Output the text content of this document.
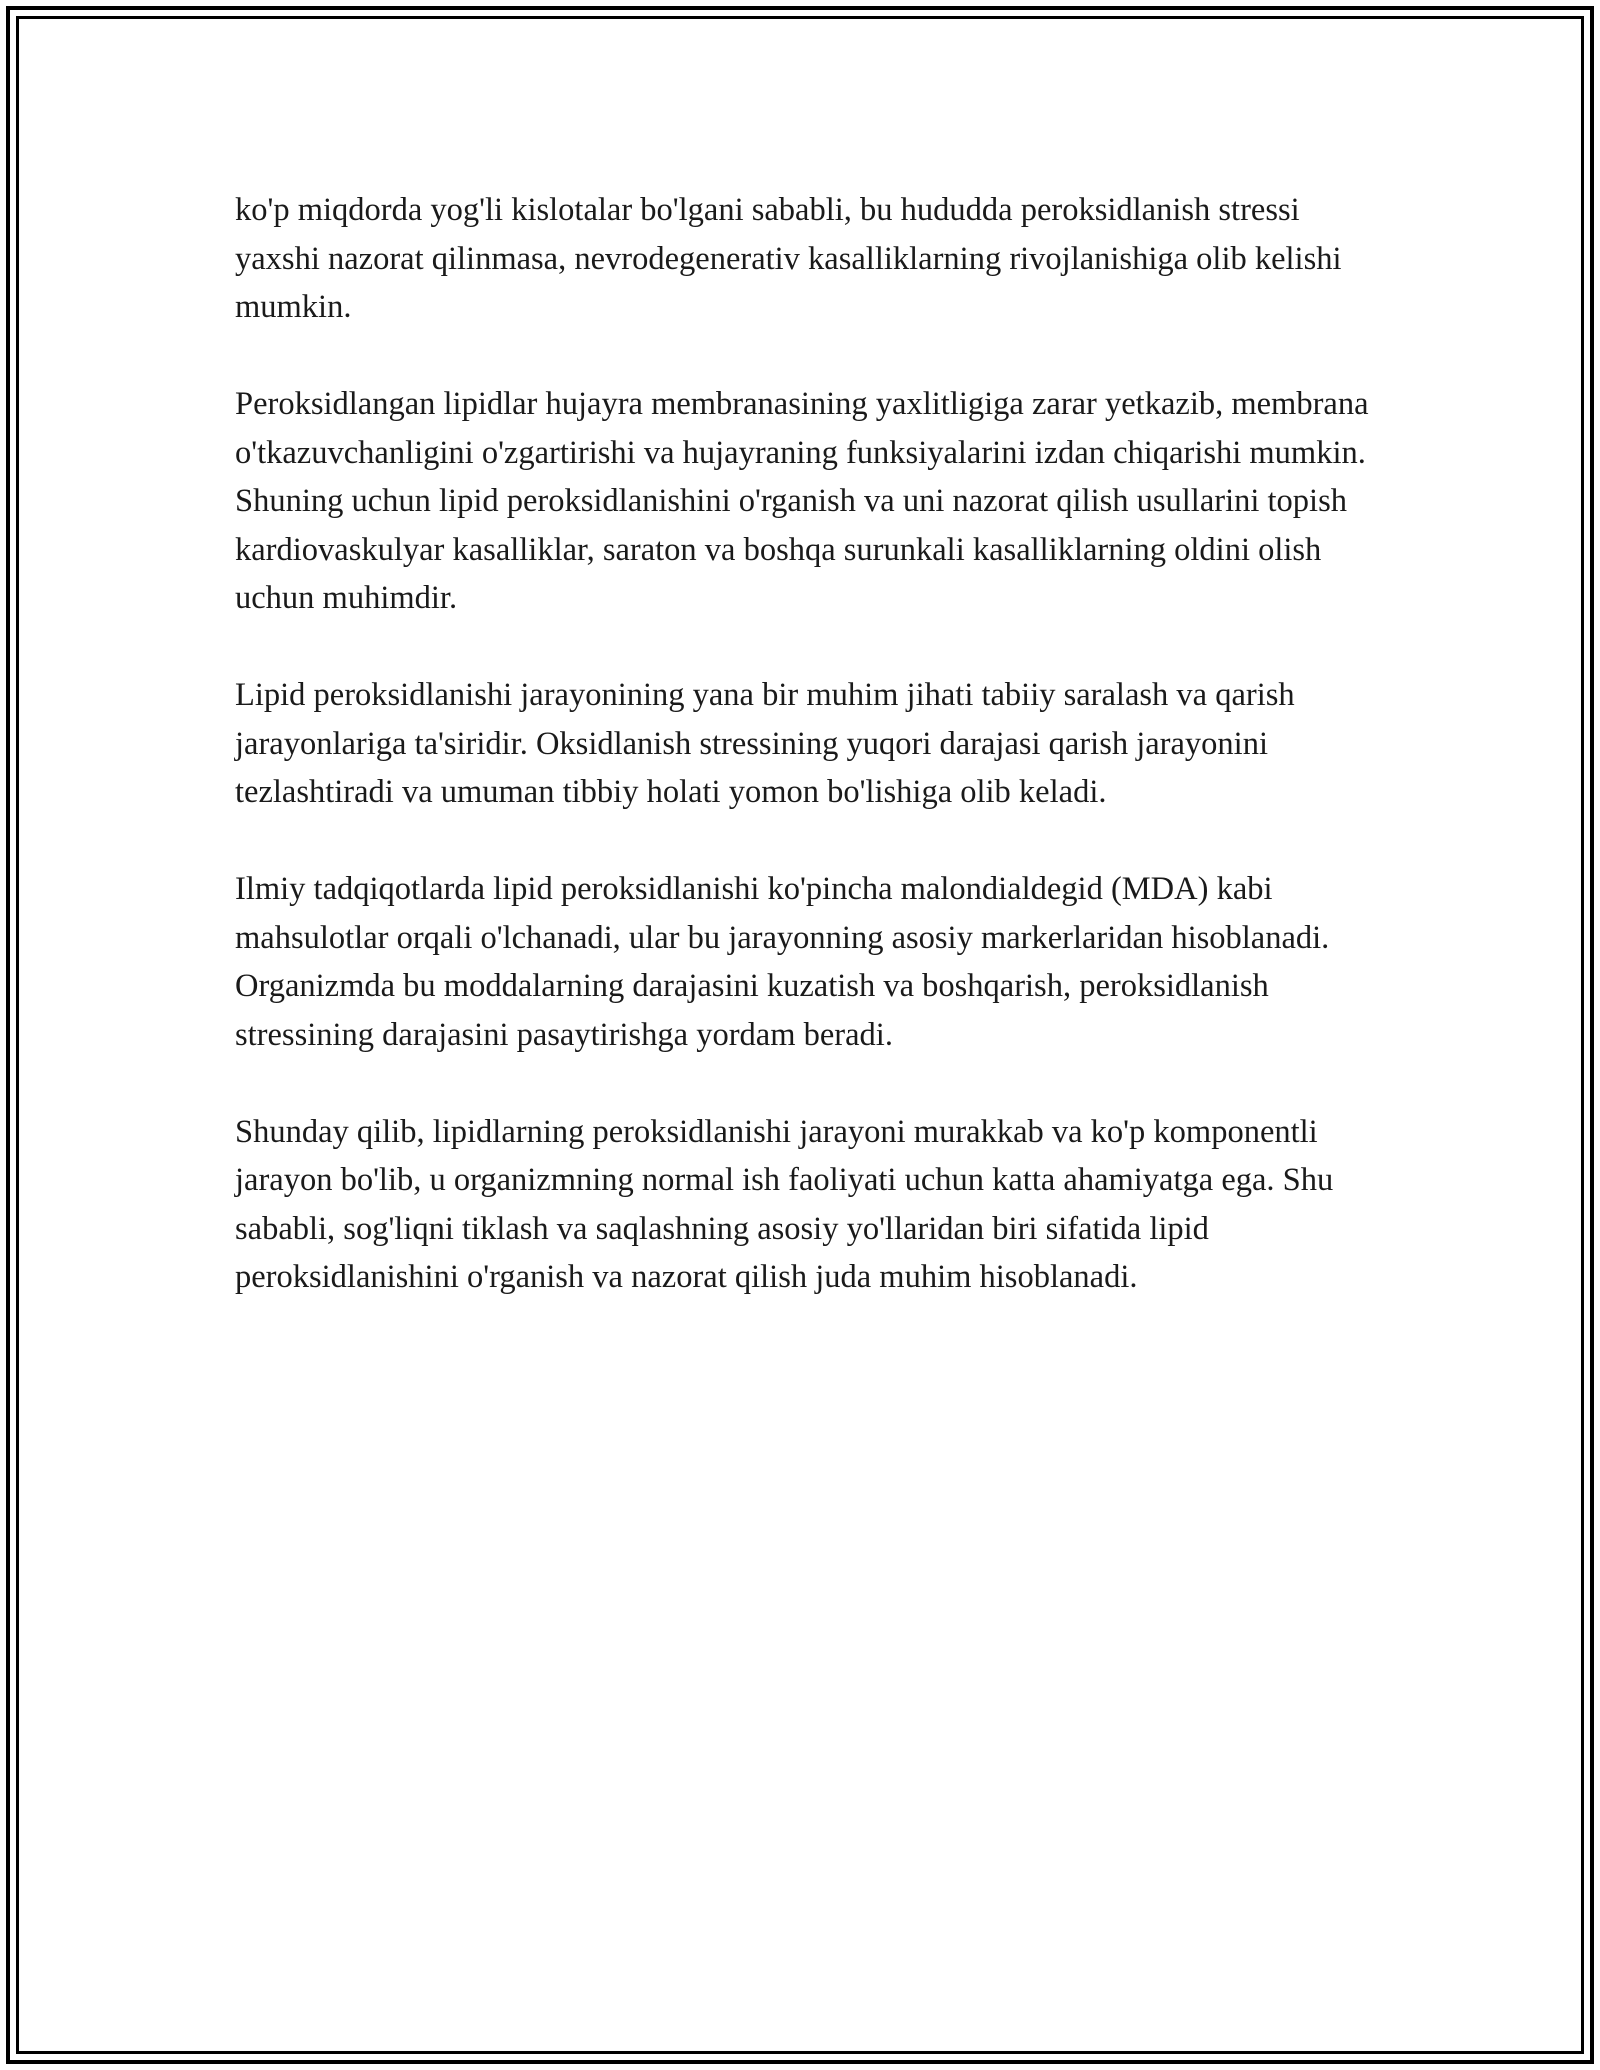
ko'p miqdorda yog'li kislotalar bo'lgani sababli, bu hududda peroksidlanish stressi yaxshi nazorat qilinmasa, nevrodegenerativ kasalliklarning rivojlanishiga olib kelishi mumkin.

Peroksidlangan lipidlar hujayra membranasining yaxlitligiga zarar yetkazib, membrana o'tkazuvchanligini o'zgartirishi va hujayraning funksiyalarini izdan chiqarishi mumkin. Shuning uchun lipid peroksidlanishini o'rganish va uni nazorat qilish usullarini topish kardiovaskulyar kasalliklar, saraton va boshqa surunkali kasalliklarning oldini olish uchun muhimdir.

Lipid peroksidlanishi jarayonining yana bir muhim jihati tabiiy saralash va qarish jarayonlariga ta'siridir. Oksidlanish stressining yuqori darajasi qarish jarayonini tezlashtiradi va umuman tibbiy holati yomon bo'lishiga olib keladi.

Ilmiy tadqiqotlarda lipid peroksidlanishi ko'pincha malondialdegid (MDA) kabi mahsulotlar orqali o'lchanadi, ular bu jarayonning asosiy markerlaridan hisoblanadi. Organizmda bu moddalarning darajasini kuzatish va boshqarish, peroksidlanish stressining darajasini pasaytirishga yordam beradi.

Shunday qilib, lipidlarning peroksidlanishi jarayoni murakkab va ko'p komponentli jarayon bo'lib, u organizmning normal ish faoliyati uchun katta ahamiyatga ega. Shu sababli, sog'liqni tiklash va saqlashning asosiy yo'llaridan biri sifatida lipid peroksidlanishini o'rganish va nazorat qilish juda muhim hisoblanadi.
